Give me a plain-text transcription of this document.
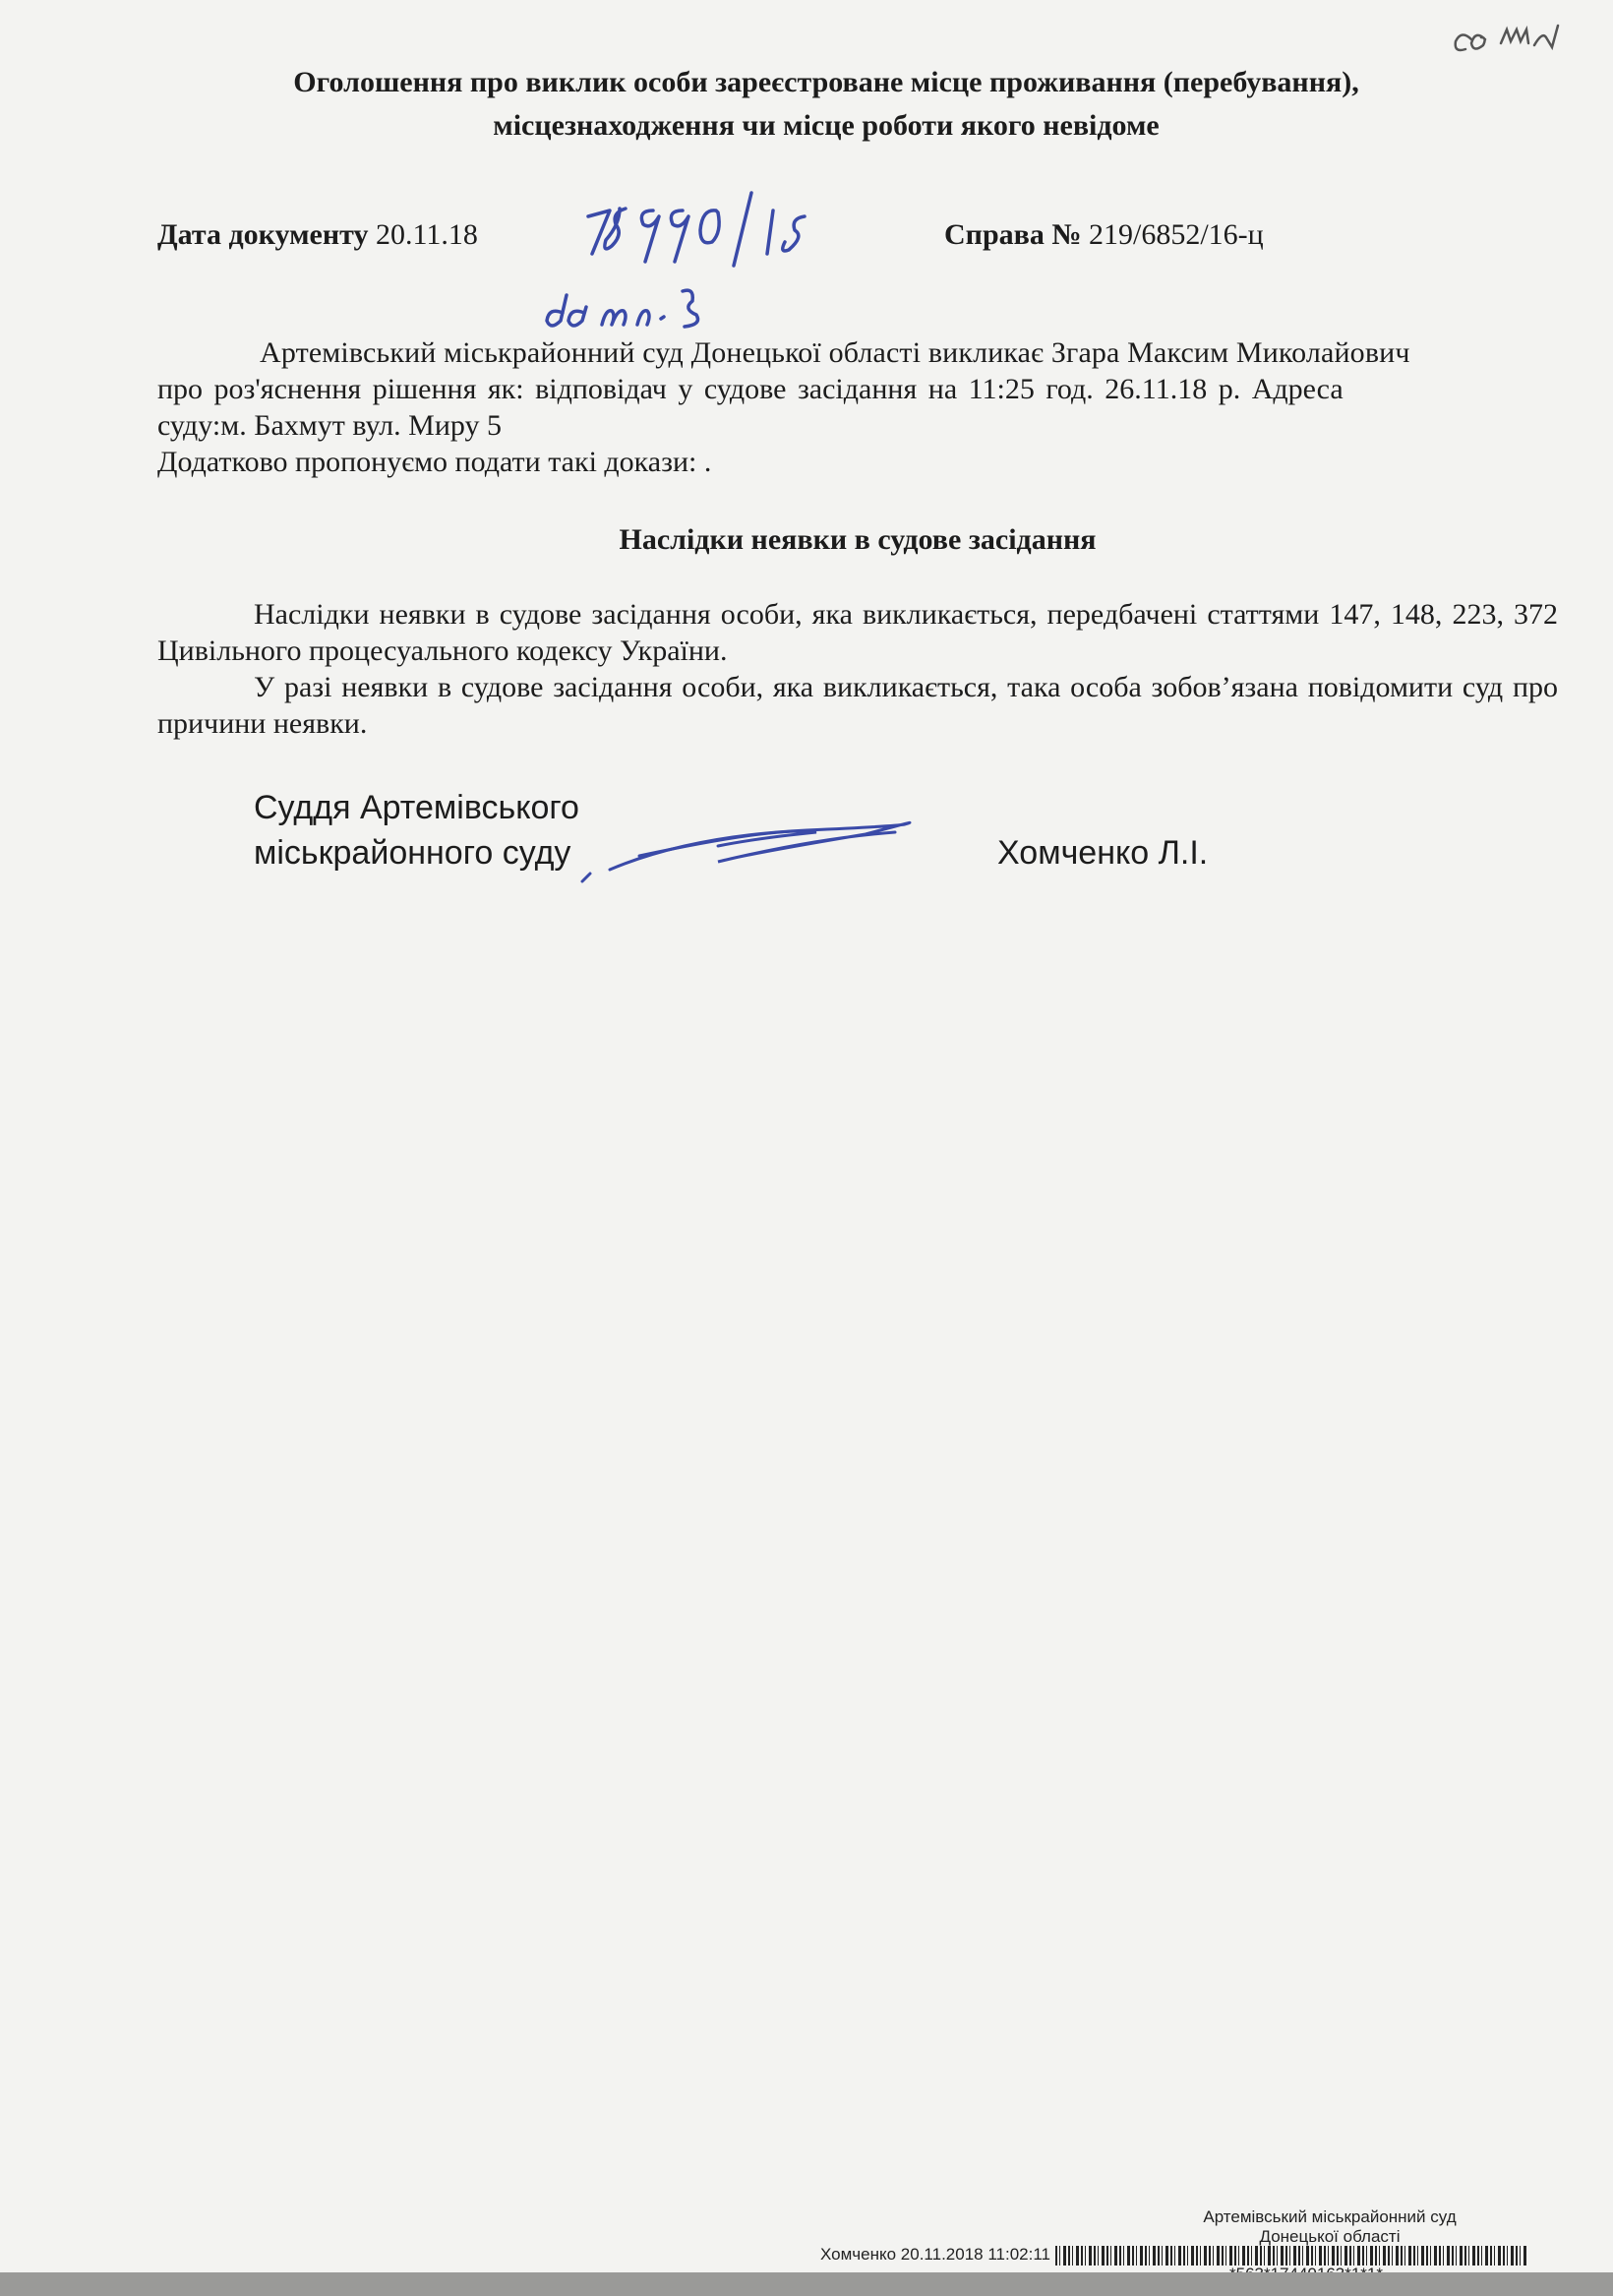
Оголошення про виклик особи зареєстроване місце проживання (перебування),
місцезнаходження чи місце роботи якого невідоме
Дата документу 20.11.18	Справа № 219/6852/16-ц
Артемівський міськрайонний суд Донецької області викликає Згара Максим Миколайович
про роз'яснення рішення як: відповідач у судове засідання на 11:25 год. 26.11.18 р. Адреса
суду:м. Бахмут вул. Миру 5
Додатково пропонуємо подати такі докази: .
Наслідки неявки в судове засідання
Наслідки неявки в судове засідання особи, яка викликається, передбачені статтями 147, 148, 223, 372 Цивільного процесуального кодексу України.
У разі неявки в судове засідання особи, яка викликається, така особа зобов’язана повідомити суд про причини неявки.
Суддя Артемівського
міськрайонного суду	Хомченко Л.І.
Артемівський міськрайонний суд
Донецької області
Хомченко 20.11.2018 11:02:11
